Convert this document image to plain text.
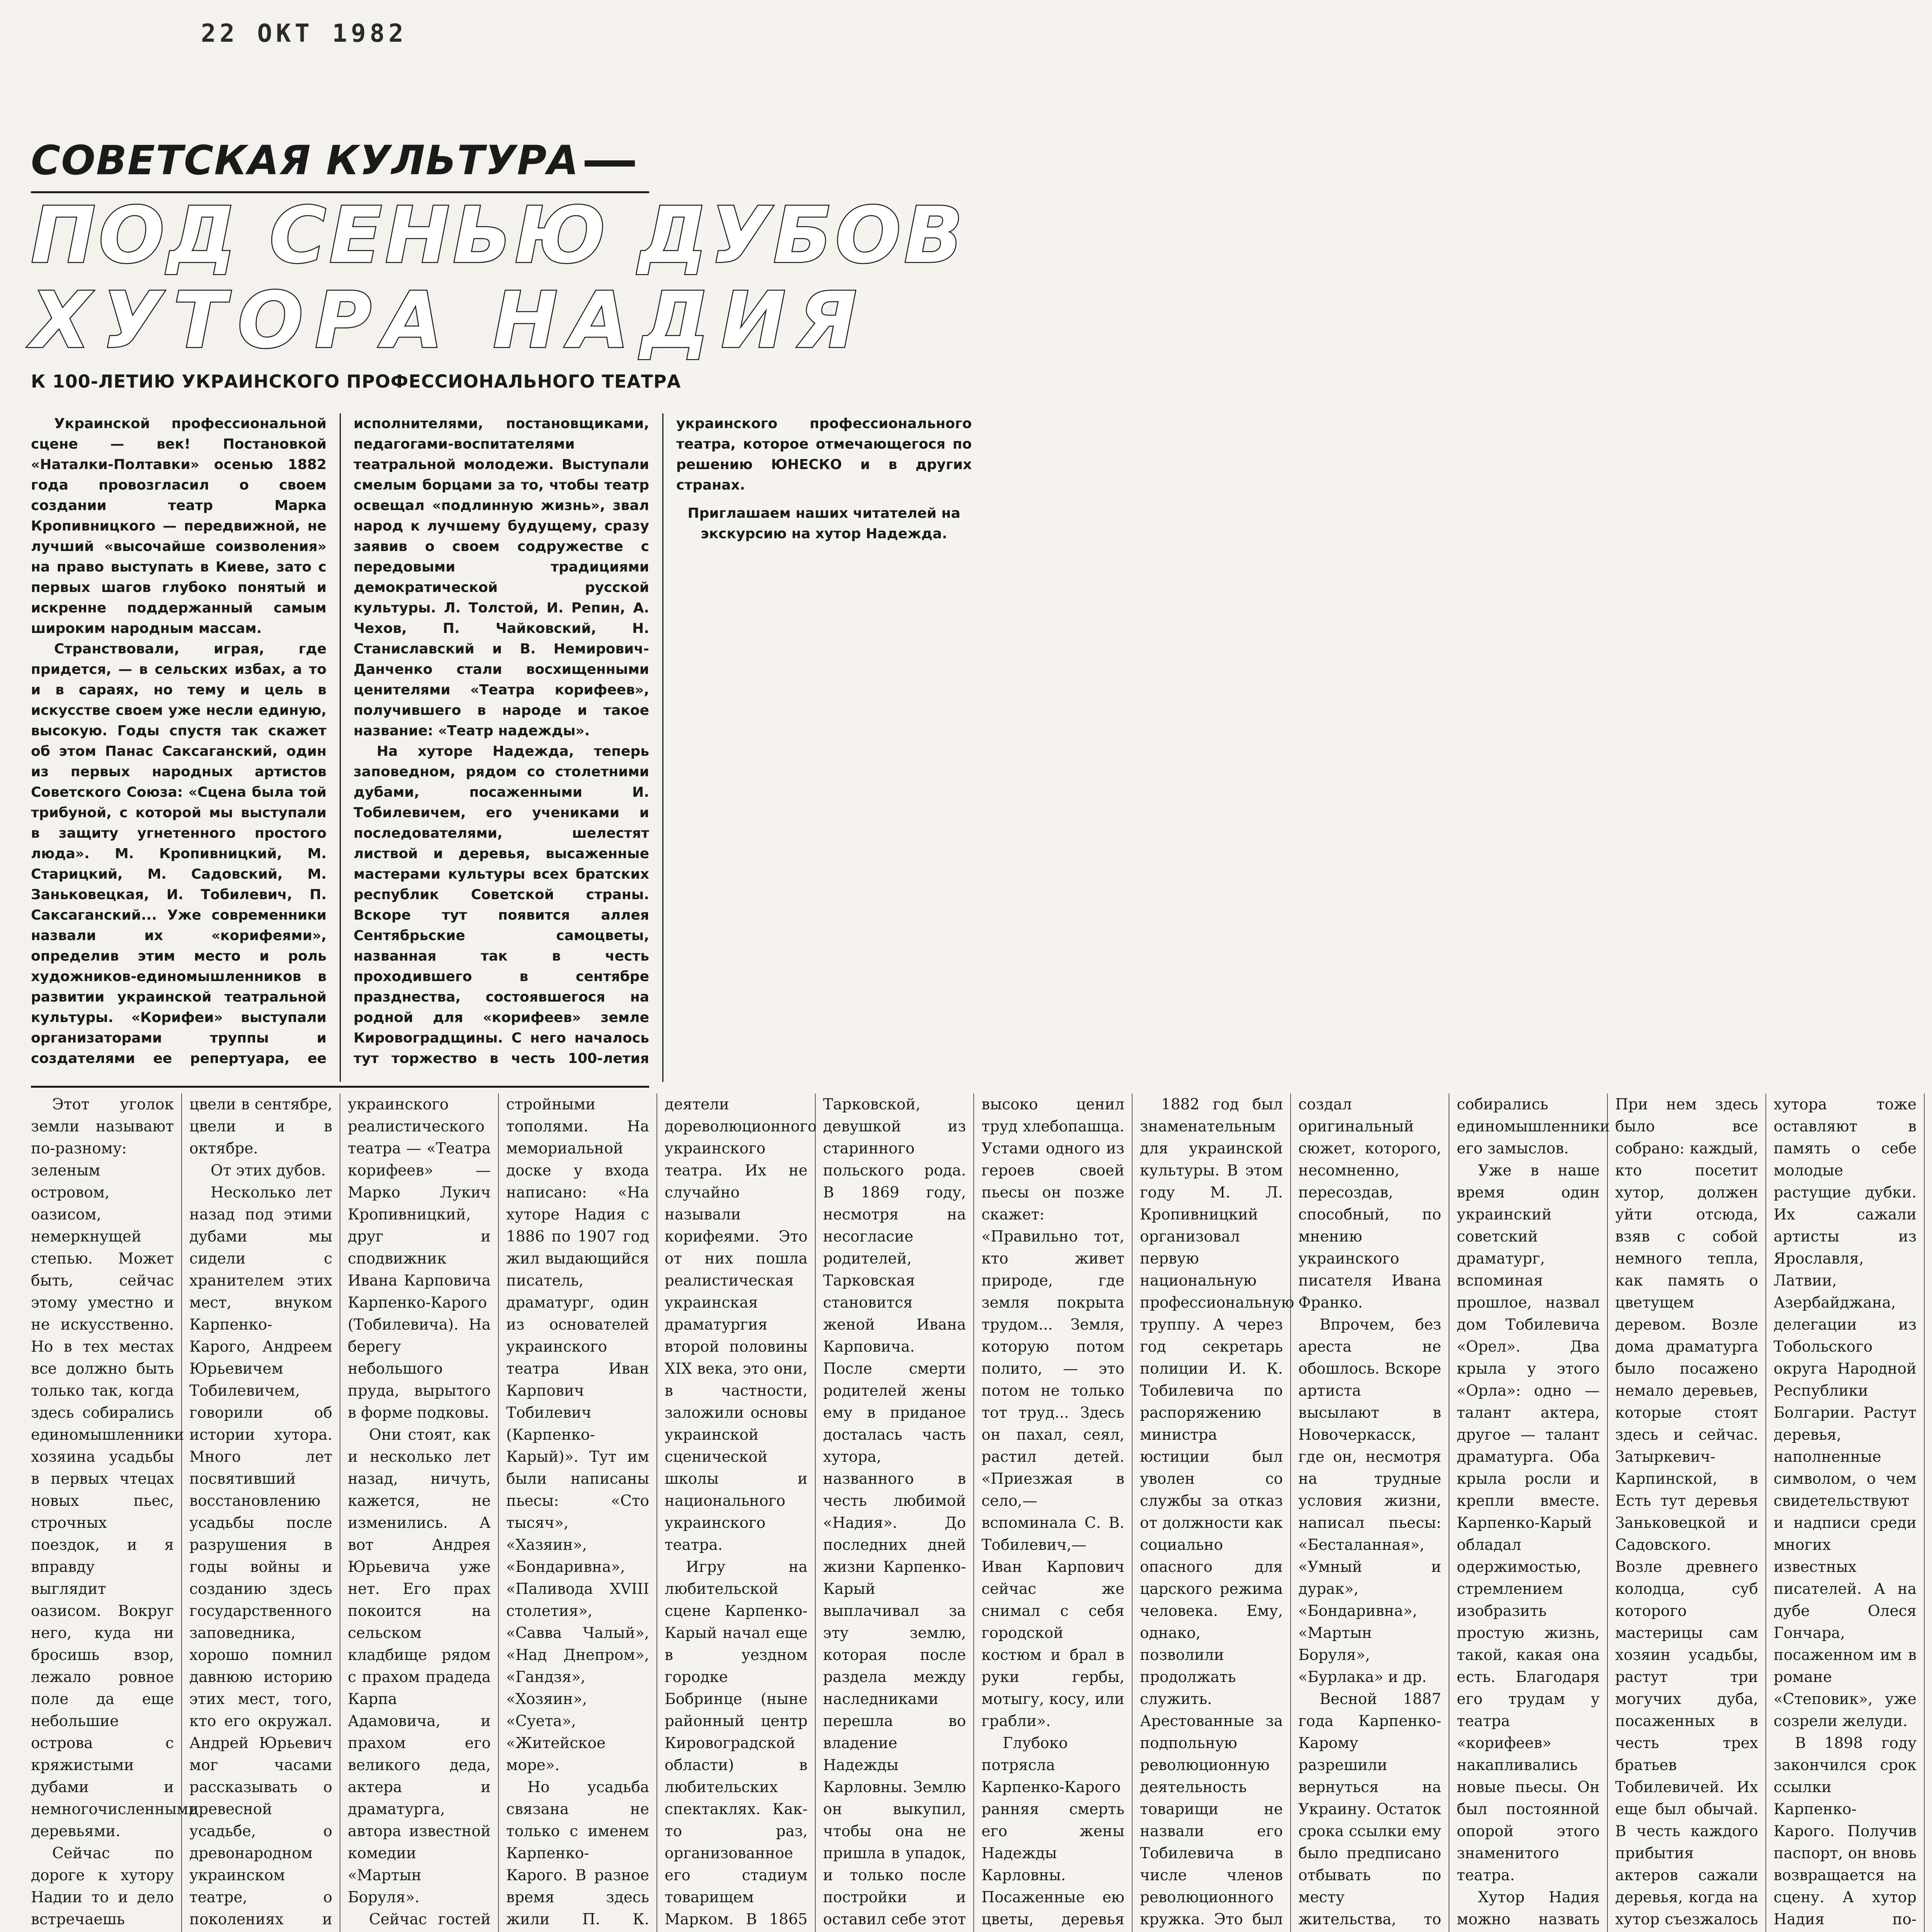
22 ОКТ 1982
СОВЕТСКАЯ КУЛЬТУРА
ПОД СЕНЬЮ ДУБОВ
ХУТОРА НАДИЯ
К 100-ЛЕТИЮ УКРАИНСКОГО ПРОФЕССИОНАЛЬНОГО ТЕАТРА

Украинской профессиональной сцене — век! Постановкой «Наталки-Полтавки» осенью 1882 года провозгласил о своем создании театр Марка Кропивницкого — передвижной, не лучший «высочайше соизволения» на право выступать в Киеве, зато с первых шагов глубоко понятый и искренне поддержанный самым широким народным массам.

Странствовали, играя, где придется, — в сельских избах, а то и в сараях, но тему и цель в искусстве своем уже несли единую, высокую. Годы спустя так скажет об этом Панас Саксаганский, один из первых народных артистов Советского Союза: «Сцена была той трибуной, с которой мы выступали в защиту угнетенного простого люда». М. Кропивницкий, М. Старицкий, М. Садовский, М. Заньковецкая, И. Тобилевич, П. Саксаганский... Уже современники назвали их «корифеями», определив этим место и роль художников-единомышленников в развитии украинской театральной культуры. «Корифеи» выступали организаторами труппы и создателями ее репертуара, ее исполнителями, постановщиками, педагогами-воспитателями театральной молодежи. Выступали смелым борцами за то, чтобы театр освещал «подлинную жизнь», звал народ к лучшему будущему, сразу заявив о своем содружестве с передовыми традициями демократической русской культуры. Л. Толстой, И. Репин, А. Чехов, П. Чайковский, Н. Станиславский и В. Немирович-Данченко стали восхищенными ценителями «Театра корифеев», получившего в народе и такое название: «Театр надежды».

На хуторе Надежда, теперь заповедном, рядом со столетними дубами, посаженными И. Тобилевичем, его учениками и последователями, шелестят листвой и деревья, высаженные мастерами культуры всех братских республик Советской страны. Вскоре тут появится аллея Сентябрьские самоцветы, названная так в честь проходившего в сентябре празднества, состоявшегося на родной для «корифеев» земле Кировоградщины. С него началось тут торжество в честь 100-летия украинского профессионального театра, которое отмечающегося по решению ЮНЕСКО и в других странах.

Приглашаем наших читателей на экскурсию на хутор Надежда.

Этот уголок земли называют по-разному: зеленым островом, оазисом, немеркнущей степью. Может быть, сейчас этому уместно и не искусственно. Но в тех местах все должно быть только так, когда здесь собирались единомышленники хозяина усадьбы в первых чтецах новых пьес, строчных поездок, и я вправду выглядит оазисом. Вокруг него, куда ни бросишь взор, лежало ровное поле да еще небольшие острова с кряжистыми дубами и немногочисленными деревьями.

Сейчас по дороге к хутору Надии то и дело встречаешь цвели в сентябре, цвели и в октябре.

От этих дубов.

Несколько лет назад под этими дубами мы сидели с хранителем этих мест, внуком Карпенко-Карого, Андреем Юрьевичем Тобилевичем, говорили об истории хутора. Много лет посвятивший восстановлению усадьбы после разрушения в годы войны и созданию здесь государственного заповедника, хорошо помнил давнюю историю этих мест, того, кто его окружал. Андрей Юрьевич мог часами рассказывать о древесной усадьбе, о древонародном украинском театре, о поколениях и

украинского реалистического театра — «Театра корифеев» — Марко Лукич Кропивницкий, друг и сподвижник Ивана Карповича Карпенко-Карого (Тобилевича). На берегу небольшого пруда, вырытого в форме подковы.

Они стоят, как и несколько лет назад, ничуть, кажется, не изменились. А вот Андрея Юрьевича уже нет. Его прах покоится на сельском кладбище рядом с прахом прадеда Карпа Адамовича, и прахом его великого деда, актера и драматурга, автора известной комедии «Мартын Боруля».

Сейчас гостей

стройными тополями. На мемориальной доске у входа написано: «На хуторе Надия с 1886 по 1907 год жил выдающийся писатель, драматург, один из основателей украинского театра Иван Карпович Тобилевич (Карпенко-Карый)». Тут им были написаны пьесы: «Сто тысяч», «Хазяин», «Бондаривна», «Паливода XVIII столетия», «Савва Чалый», «Над Днепром», «Гандзя», «Хозяин», «Суета», «Житейское море».

Но усадьба связана не только с именем Карпенко-Карого. В разное время здесь жили П. К. деятели дореволюционного украинского театра. Их не случайно называли корифеями. Это от них пошла реалистическая украинская драматургия второй половины XIX века, это они, в частности, заложили основы украинской сценической школы и национального украинского театра.

Игру на любительской сцене Карпенко-Карый начал еще в уездном городке Бобринце (ныне районный центр Кировоградской области) в любительских спектаклях. Как-то раз, организованное его стадиум товарищем Марком. В 1865 Тарковской, девушкой из старинного польского рода. В 1869 году, несмотря на несогласие родителей, Тарковская становится женой Ивана Карповича. После смерти родителей жены ему в приданое досталась часть хутора, названного в честь любимой «Надия». До последних дней жизни Карпенко-Карый выплачивал за эту землю, которая после раздела между наследниками перешла во владение Надежды Карловны. Землю он выкупил, чтобы она не пришла в упадок, и только после постройки и оставил себе этот

высоко ценил труд хлебопашца. Устами одного из героев своей пьесы он позже скажет: «Правильно тот, кто живет природе, где земля покрыта трудом... Земля, которую потом полито, — это потом не только тот труд... Здесь он пахал, сеял, растил детей. «Приезжая в село,— вспоминала С. В. Тобилевич,— Иван Карпович сейчас же снимал с себя городской костюм и брал в руки гербы, мотыгу, косу, или грабли».

Глубоко потрясла Карпенко-Карого ранняя смерть его жены Надежды Карловны. Посаженные ею цветы, деревья

1882 год был знаменательным для украинской культуры. В этом году М. Л. Кропивницкий организовал первую национальную профессиональную труппу. А через год секретарь полиции И. К. Тобилевича по распоряжению министра юстиции был уволен со службы за отказ от должности как социально опасного для царского режима человека. Ему, однако, позволили продолжать служить. Арестованные за подпольную революционную деятельность товарищи не назвали его Тобилевича в числе членов революционного кружка. Это был создал оригинальный сюжет, которого, несомненно, пересоздав, способный, по мнению украинского писателя Ивана Франко.

Впрочем, без ареста не обошлось. Вскоре артиста высылают в Новочеркасск, где он, несмотря на трудные условия жизни, написал пьесы: «Бесталанная», «Умный и дурак», «Бондаривна», «Мартын Боруля», «Бурлака» и др.

Весной 1887 года Карпенко-Карому разрешили вернуться на Украину. Остаток срока ссылки ему было предписано отбывать по месту жительства, то собирались единомышленники его замыслов.

Уже в наше время один украинский советский драматург, вспоминая прошлое, назвал дом Тобилевича «Орел». Два крыла у этого «Орла»: одно — талант актера, другое — талант драматурга. Оба крыла росли и крепли вместе. Карпенко-Карый обладал одержимостью, стремлением изобразить простую жизнь, такой, какая она есть. Благодаря его трудам у театра «корифеев» накапливались новые пьесы. Он был постоянной опорой этого знаменитого театра.

Хутор Надия можно назвать При нем здесь было все собрано: каждый, кто посетит хутор, должен уйти отсюда, взяв с собой немного тепла, как память о цветущем деревом. Возле дома драматурга было посажено немало деревьев, которые стоят здесь и сейчас. Затыркевич-Карпинской, в Есть тут деревья Заньковецкой и Садовского. Возле древнего колодца, суб которого мастерицы сам хозяин усадьбы, растут три могучих дуба, посаженных в честь трех братьев Тобилевичей. Их еще был обычай. В честь каждого прибытия актеров сажали деревья, когда на хутор съезжалось

хутора тоже оставляют в память о себе молодые растущие дубки. Их сажали артисты из Ярославля, Латвии, Азербайджана, делегации из Тобольского округа Народной Республики Болгарии. Растут деревья, наполненные символом, о чем свидетельствуют и надписи среди многих известных писателей. А на дубе Олеся Гончара, посаженном им в романе «Степовик», уже созрели желуди.

В 1898 году закончился срок ссылки Карпенко-Карого. Получив паспорт, он вновь возвращается на сцену. А хутор Надия по-
